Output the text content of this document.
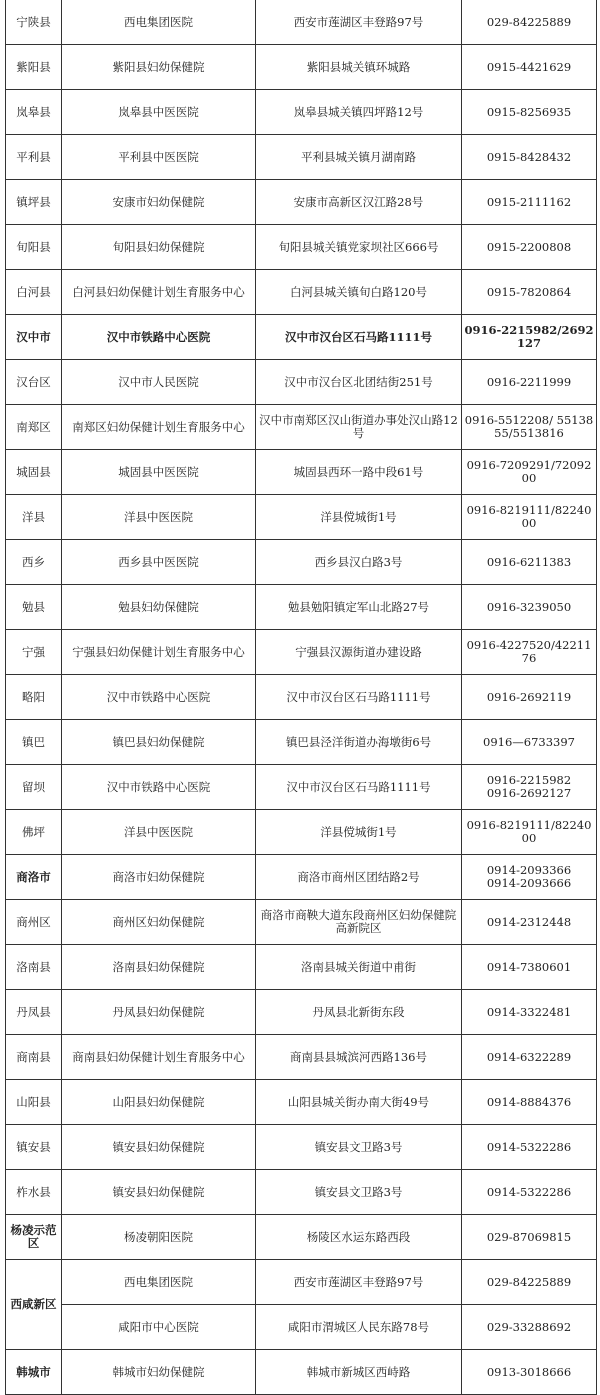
宁陕县	西电集团医院	西安市莲湖区丰登路97号	029-84225889
紫阳县	紫阳县妇幼保健院	紫阳县城关镇环城路	0915-4421629
岚皋县	岚皋县中医医院	岚皋县城关镇四坪路12号	0915-8256935
平利县	平利县中医医院	平利县城关镇月湖南路	0915-8428432
镇坪县	安康市妇幼保健院	安康市高新区汉江路28号	0915-2111162
旬阳县	旬阳县妇幼保健院	旬阳县城关镇党家坝社区666号	0915-2200808
白河县	白河县妇幼保健计划生育服务中心	白河县城关镇旬白路120号	0915-7820864
汉中市	汉中市铁路中心医院	汉中市汉台区石马路1111号	0916-2215982/2692127
汉台区	汉中市人民医院	汉中市汉台区北团结街251号	0916-2211999
南郑区	南郑区妇幼保健计划生育服务中心	汉中市南郑区汉山街道办事处汉山路12号	0916-5512208/ 5513855/5513816
城固县	城固县中医医院	城固县西环一路中段61号	0916-7209291/7209200
洋县	洋县中医医院	洋县傥城街1号	0916-8219111/8224000
西乡	西乡县中医医院	西乡县汉白路3号	0916-6211383
勉县	勉县妇幼保健院	勉县勉阳镇定军山北路27号	0916-3239050
宁强	宁强县妇幼保健计划生育服务中心	宁强县汉源街道办建设路	0916-4227520/4221176
略阳	汉中市铁路中心医院	汉中市汉台区石马路1111号	0916-2692119
镇巴	镇巴县妇幼保健院	镇巴县泾洋街道办海墩街6号	0916—6733397
留坝	汉中市铁路中心医院	汉中市汉台区石马路1111号	0916-2215982
0916-2692127
佛坪	洋县中医医院	洋县傥城街1号	0916-8219111/8224000
商洛市	商洛市妇幼保健院	商洛市商州区团结路2号	0914-2093366
0914-2093666
商州区	商州区妇幼保健院	商洛市商鞅大道东段商州区妇幼保健院高新院区	0914-2312448
洛南县	洛南县妇幼保健院	洛南县城关街道中甫街	0914-7380601
丹凤县	丹凤县妇幼保健院	丹凤县北新街东段	0914-3322481
商南县	商南县妇幼保健计划生育服务中心	商南县县城滨河西路136号	0914-6322289
山阳县	山阳县妇幼保健院	山阳县城关街办南大街49号	0914-8884376
镇安县	镇安县妇幼保健院	镇安县文卫路3号	0914-5322286
柞水县	镇安县妇幼保健院	镇安县文卫路3号	0914-5322286
杨凌示范区	杨凌朝阳医院	杨陵区水运东路西段	029-87069815
西咸新区	西电集团医院	西安市莲湖区丰登路97号	029-84225889
	咸阳市中心医院	咸阳市渭城区人民东路78号	029-33288692
韩城市	韩城市妇幼保健院	韩城市新城区西峙路	0913-3018666
